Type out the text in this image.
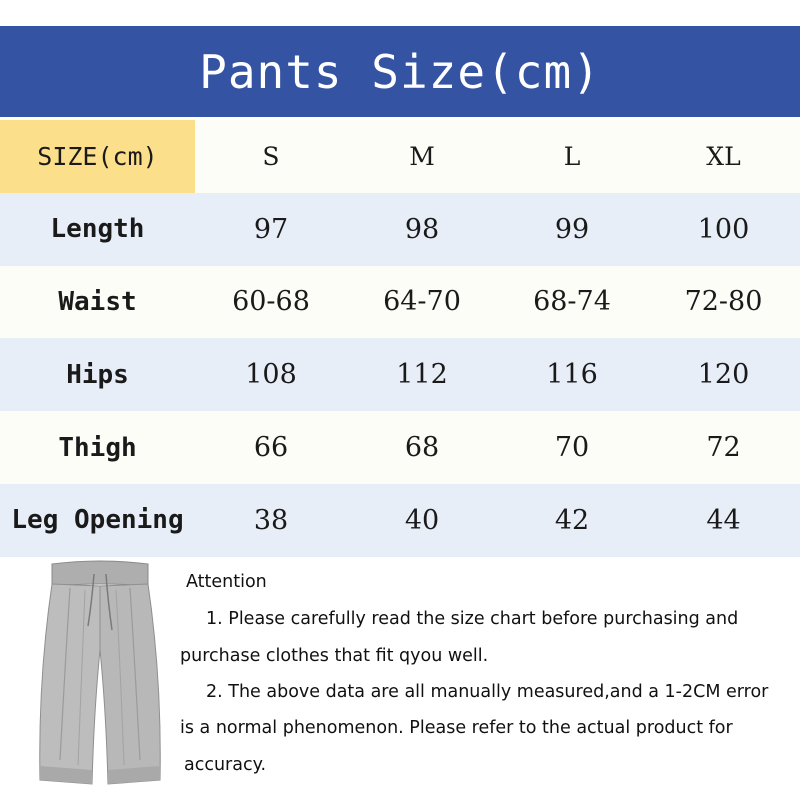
Pants Size(cm)
SIZE(cm)	S	M	L	XL
Length	97	98	99	100
Waist	60-68	64-70	68-74	72-80
Hips	108	112	116	120
Thigh	66	68	70	72
Leg Opening	38	40	42	44
Attention
1. Please carefully read the size chart before purchasing and
purchase clothes that fit qyou well.
2. The above data are all manually measured,and a 1-2CM error
is a normal phenomenon. Please refer to the actual product for
accuracy.
